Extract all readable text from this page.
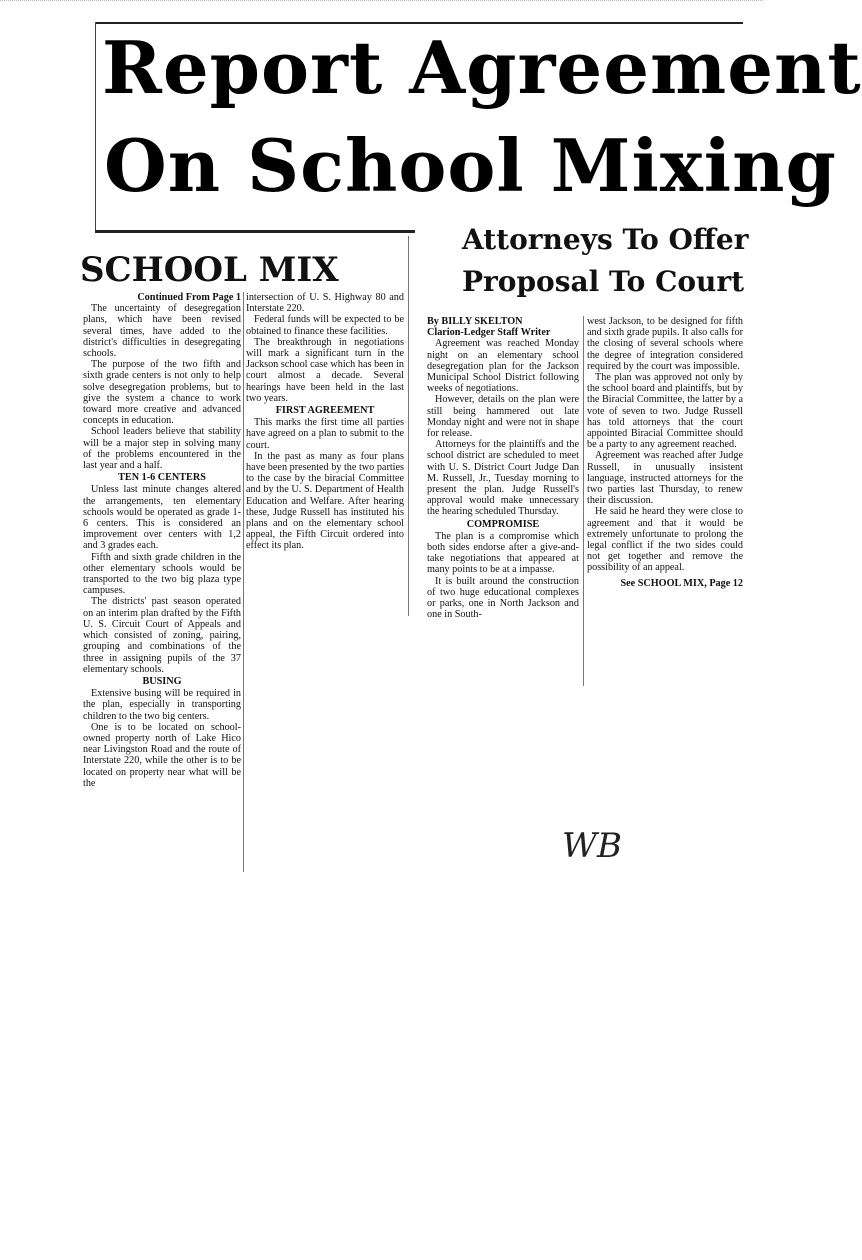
Report Agreement
On School Mixing
Attorneys To Offer
Proposal To Court
SCHOOL MIX

Continued From Page 1

The uncertainty of desegregation plans, which have been revised several times, have added to the district's difficulties in desegregating schools.

The purpose of the two fifth and sixth grade centers is not only to help solve desegregation problems, but to give the system a chance to work toward more creative and advanced concepts in education.

School leaders believe that stability will be a major step in solving many of the problems encountered in the last year and a half.

TEN 1-6 CENTERS

Unless last minute changes altered the arrangements, ten elementary schools would be operated as grade 1-6 centers. This is considered an improvement over centers with 1,2 and 3 grades each.

Fifth and sixth grade children in the other elementary schools would be transported to the two big plaza type campuses.

The districts' past season operated on an interim plan drafted by the Fifth U. S. Circuit Court of Appeals and which consisted of zoning, pairing, grouping and combinations of the three in assigning pupils of the 37 elementary schools.

BUSING

Extensive busing will be required in the plan, especially in transporting children to the two big centers.

One is to be located on school-owned property north of Lake Hico near Livingston Road and the route of Interstate 220, while the other is to be located on property near what will be the

intersection of U. S. Highway 80 and Interstate 220.

Federal funds will be expected to be obtained to finance these facilities.

The breakthrough in negotiations will mark a significant turn in the Jackson school case which has been in court almost a decade. Several hearings have been held in the last two years.

FIRST AGREEMENT

This marks the first time all parties have agreed on a plan to submit to the court.

In the past as many as four plans have been presented by the two parties to the case by the biracial Committee and by the U. S. Department of Health Education and Welfare. After hearing these, Judge Russell has instituted his plans and on the elementary school appeal, the Fifth Circuit ordered into effect its plan.

By BILLY SKELTON

Clarion-Ledger Staff Writer

Agreement was reached Monday night on an elementary school desegregation plan for the Jackson Municipal School District following weeks of negotiations.

However, details on the plan were still being hammered out late Monday night and were not in shape for release.

Attorneys for the plaintiffs and the school district are scheduled to meet with U. S. District Court Judge Dan M. Russell, Jr., Tuesday morning to present the plan. Judge Russell's approval would make unnecessary the hearing scheduled Thursday.

COMPROMISE

The plan is a compromise which both sides endorse after a give-and-take negotiations that appeared at many points to be at a impasse.

It is built around the construction of two huge educational complexes or parks, one in North Jackson and one in South-

west Jackson, to be designed for fifth and sixth grade pupils. It also calls for the closing of several schools where the degree of integration considered required by the court was impossible.

The plan was approved not only by the school board and plaintiffs, but by the Biracial Committee, the latter by a vote of seven to two. Judge Russell has told attorneys that the court appointed Biracial Committee should be a party to any agreement reached.

Agreement was reached after Judge Russell, in unusually insistent language, instructed attorneys for the two parties last Thursday, to renew their discussion.

He said he heard they were close to agreement and that it would be extremely unfortunate to prolong the legal conflict if the two sides could not get together and remove the possibility of an appeal.

See SCHOOL MIX, Page 12

WB
